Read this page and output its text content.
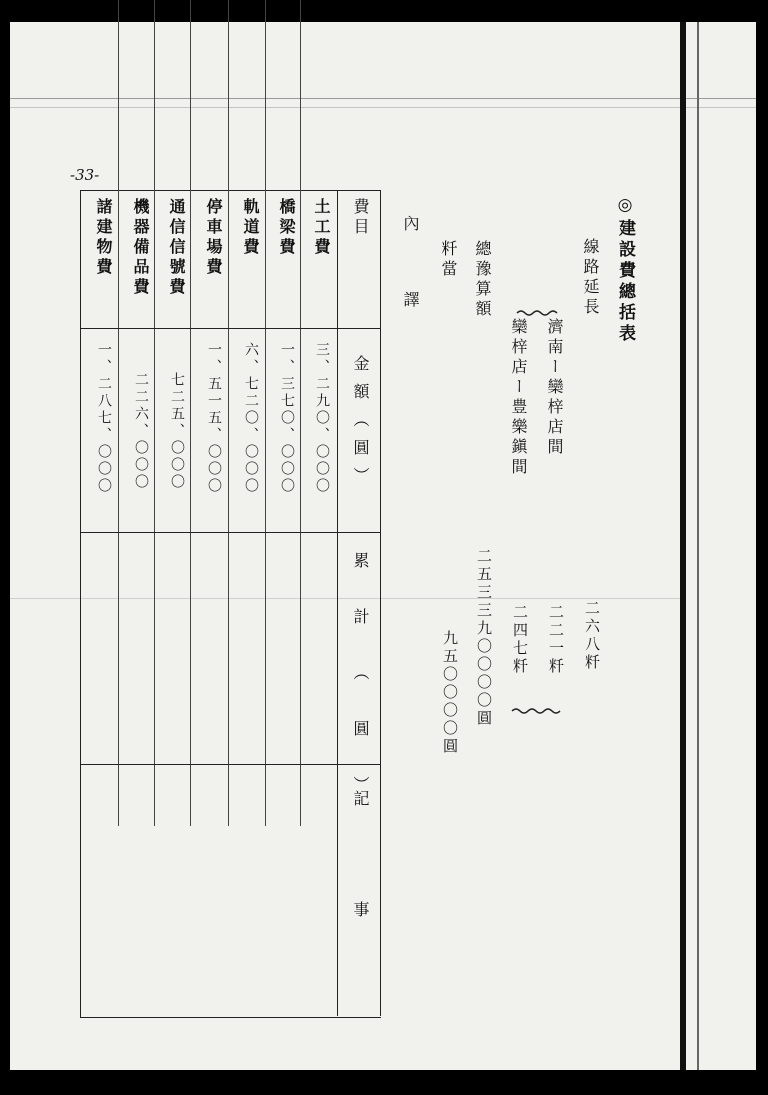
-33-
◎建設費總括表
線路延長
二六八粁
濟南ー欒梓店間
二二一粁
欒梓店ー豊樂鎭間
二四七粁
總豫算額
二五三三九〇〇〇〇圓
粁當
九五〇〇〇〇圓
內譯
費目
金額（圓）
累計（圓）
記事
土工費
三、二九〇、〇〇〇
橋梁費
一、三七〇、〇〇〇
軌道費
六、七二〇、〇〇〇
停車場費
一、五一五、〇〇〇
通信信號費
七二五、〇〇〇
機器備品費
二二六、〇〇〇
諸建物費
一、二八七、〇〇〇
